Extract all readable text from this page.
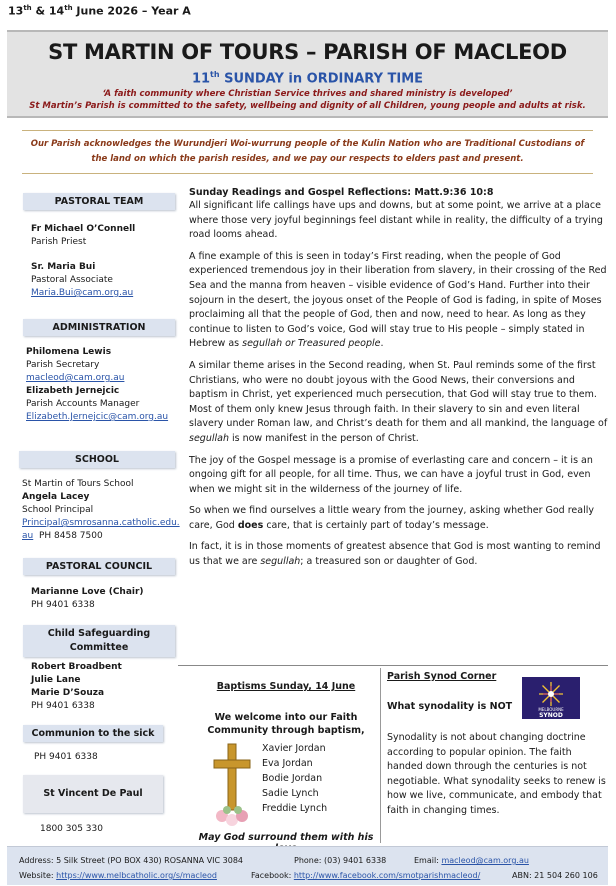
13th & 14th June 2026 – Year A
ST MARTIN OF TOURS – PARISH OF MACLEOD
11th SUNDAY in ORDINARY TIME
‘A faith community where Christian Service thrives and shared ministry is developed’
St Martin’s Parish is committed to the safety, wellbeing and dignity of all Children, young people and adults at risk.
Our Parish acknowledges the Wurundjeri Woi-wurrung people of the Kulin Nation who are Traditional Custodians of the land on which the parish resides, and we pay our respects to elders past and present.
PASTORAL TEAM
Fr Michael O’Connell
Parish Priest
Sr. Maria Bui
Pastoral Associate
Maria.Bui@cam.org.au
ADMINISTRATION
Philomena Lewis
Parish Secretary
macleod@cam.org.au
Elizabeth Jernejcic
Parish Accounts Manager
Elizabeth.Jernejcic@cam.org.au
SCHOOL
St Martin of Tours School
Angela Lacey
School Principal
Principal@smrosanna.catholic.edu.
au PH 8458 7500
PASTORAL COUNCIL
Marianne Love (Chair)
PH 9401 6338
Child Safeguarding
Committee
Robert Broadbent
Julie Lane
Marie D’Souza
PH 9401 6338
Communion to the sick
PH 9401 6338
St Vincent De Paul
1800 305 330
Sunday Readings and Gospel Reflections: Matt.9:36 10:8

All significant life callings have ups and downs, but at some point, we arrive at a place where those very joyful beginnings feel distant while in reality, the difficulty of a trying road looms ahead.

A fine example of this is seen in today’s First reading, when the people of God experienced tremendous joy in their liberation from slavery, in their crossing of the Red Sea and the manna from heaven – visible evidence of God’s Hand. Further into their sojourn in the desert, the joyous onset of the People of God is fading, in spite of Moses proclaiming all that the people of God, then and now, need to hear. As long as they continue to listen to God’s voice, God will stay true to His people – simply stated in Hebrew as segullah or Treasured people.

A similar theme arises in the Second reading, when St. Paul reminds some of the first Christians, who were no doubt joyous with the Good News, their conversions and baptism in Christ, yet experienced much persecution, that God will stay true to them. Most of them only knew Jesus through faith. In their slavery to sin and even literal slavery under Roman law, and Christ’s death for them and all mankind, the language of segullah is now manifest in the person of Christ.

The joy of the Gospel message is a promise of everlasting care and concern – it is an ongoing gift for all people, for all time. Thus, we can have a joyful trust in God, even when we might sit in the wilderness of the journey of life.

So when we find ourselves a little weary from the journey, asking whether God really care, God does care, that is certainly part of today’s message.

In fact, it is in those moments of greatest absence that God is most wanting to remind us that we are segullah; a treasured son or daughter of God.

Baptisms Sunday, 14 June
We welcome into our Faith
Community through baptism,
Xavier Jordan
Eva Jordan
Bodie Jordan
Sadie Lynch
Freddie Lynch
May God surround them with his
Parish Synod Corner
What synodality is NOT	MELBOURNE
SYNOD
Synodality is not about changing doctrine according to popular opinion. The faith handed down through the centuries is not negotiable. What synodality seeks to renew is how we live, communicate, and embody that faith in changing times.
Address: 5 Silk Street (PO BOX 430) ROSANNA VIC 3084	Phone: (03) 9401 6338	Email: macleod@cam.org.au
Website: https://www.melbcatholic.org/s/macleod	Facebook: http://www.facebook.com/smotparishmacleod/	ABN: 21 504 260 106
